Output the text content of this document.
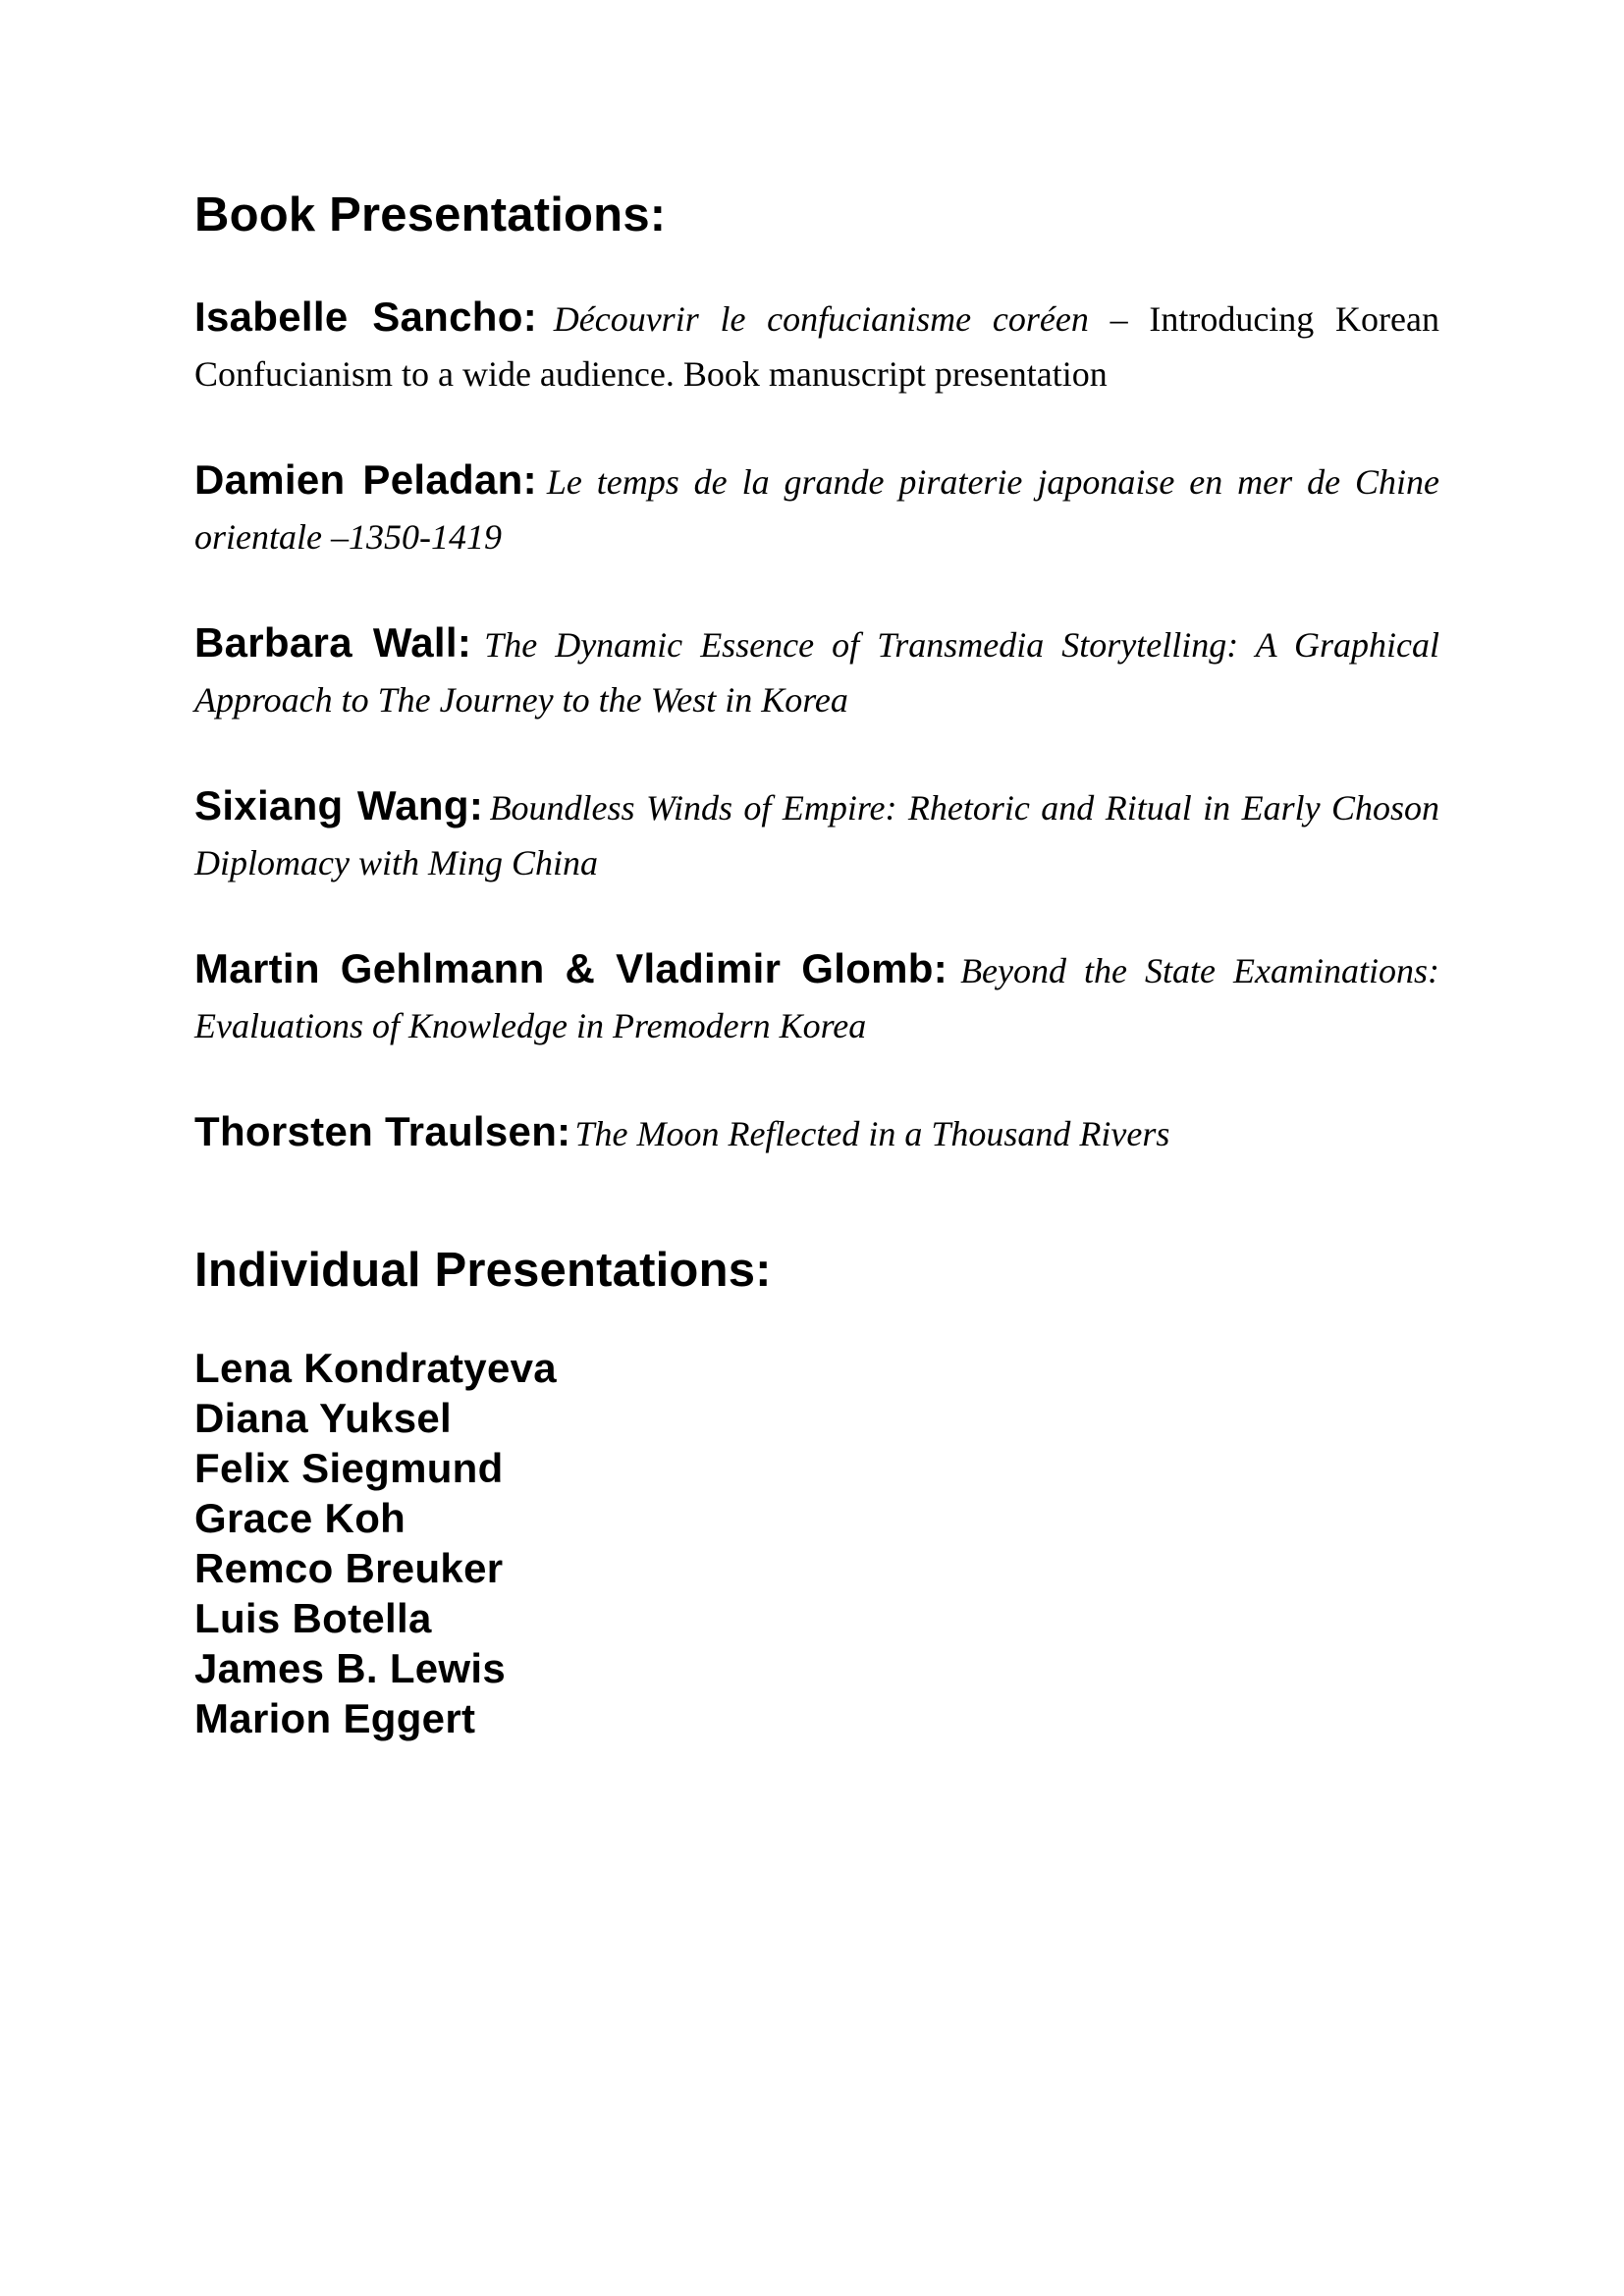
Book Presentations:

Isabelle Sancho: Découvrir le confucianisme coréen – Introducing Korean Confucianism to a wide audience. Book manuscript presentation

Damien Peladan: Le temps de la grande piraterie japonaise en mer de Chine orientale –1350-1419

Barbara Wall: The Dynamic Essence of Transmedia Storytelling: A Graphical Approach to The Journey to the West in Korea

Sixiang Wang: Boundless Winds of Empire: Rhetoric and Ritual in Early Choson Diplomacy with Ming China

Martin Gehlmann & Vladimir Glomb: Beyond the State Examinations: Evaluations of Knowledge in Premodern Korea

Thorsten Traulsen: The Moon Reflected in a Thousand Rivers

Individual Presentations:
Lena Kondratyeva
Diana Yuksel
Felix Siegmund
Grace Koh
Remco Breuker
Luis Botella
James B. Lewis
Marion Eggert
